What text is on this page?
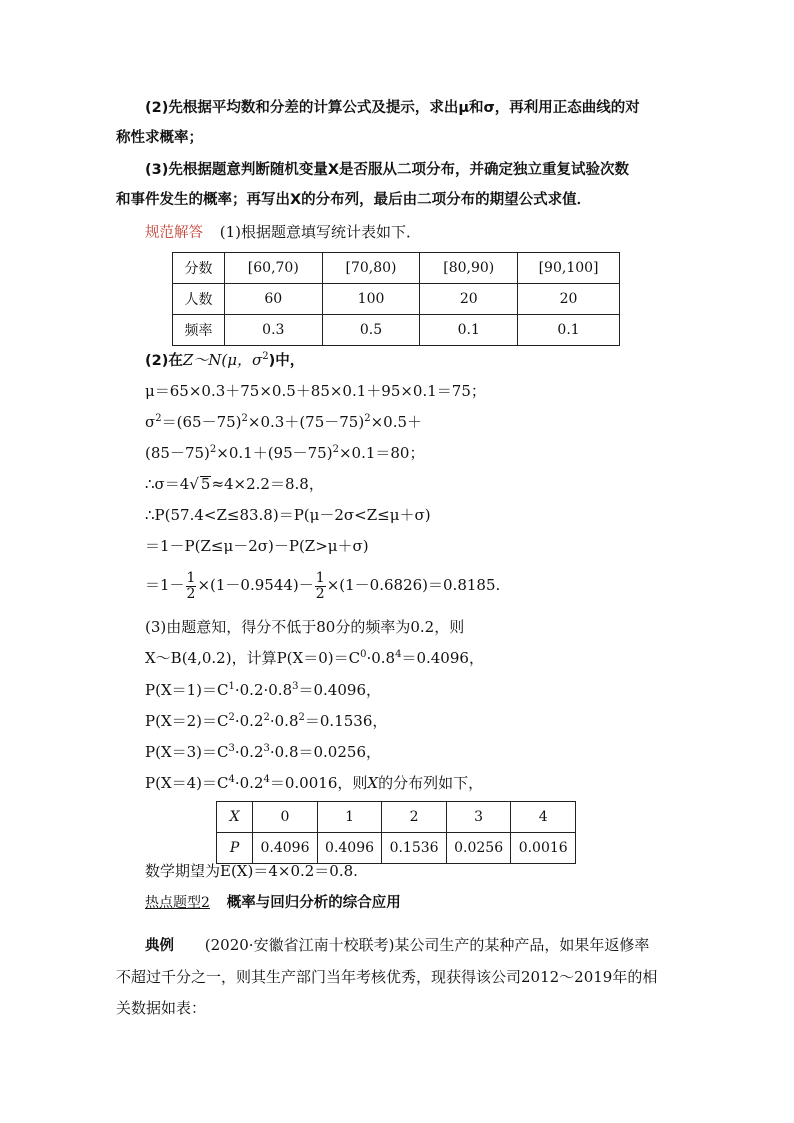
(2)先根据平均数和分差的计算公式及提示，求出μ和σ，再利用正态曲线的对
称性求概率；
(3)先根据题意判断随机变量X是否服从二项分布，并确定独立重复试验次数
和事件发生的概率；再写出X的分布列，最后由二项分布的期望公式求值．
规范解答 (1)根据题意填写统计表如下．
分数	[60,70)	[70,80)	[80,90)	[90,100]
人数	60	100	20	20
频率	0.3	0.5	0.1	0.1
(2)在Z～N(μ，$\sigma^2$)中，
μ＝65×0.3＋75×0.5＋85×0.1＋95×0.1＝75；
$\sigma^2=(65-75)^2\times 0.3+(75-75)^2\times 0.5+$
$(85-75)^2\times 0.1+(95-75)^2\times 0.1=80$；
∴σ＝4√ 5≈4×2.2＝8.8，
∴P(57.4<Z≤83.8)＝P(μ－2σ<Z≤μ＋σ)
＝1－P(Z≤μ－2σ)－P(Z>μ＋σ)
$=1- \frac{1}{2} \times(1-0.9544)- \frac{1}{2} \times(1-0.6826)=0.8185$.
(3)由题意知，得分不低于80分的频率为0.2，则
X～B(4,0.2)，计算$P(X=0)=C^0\cdot 0.8^4=0.4096$，
$P(X=1)=C^1\cdot 0.2\cdot 0.8^3=0.4096$，
$P(X=2)=C^2\cdot 0.2^2\cdot 0.8^2=0.1536$，
$P(X=3)=C^3\cdot 0.2^3\cdot 0.8=0.0256$，
$P(X=4)=C^4\cdot 0.2^4=0.0016$，则X的分布列如下，
X	0	1	2	3	4
P	0.4096	0.4096	0.1536	0.0256	0.0016
数学期望为E(X)＝4×0.2＝0.8.
热点题型2 概率与回归分析的综合应用
典例 (2020·安徽省江南十校联考)某公司生产的某种产品，如果年返修率
不超过千分之一，则其生产部门当年考核优秀，现获得该公司2012～2019年的相
关数据如表：
